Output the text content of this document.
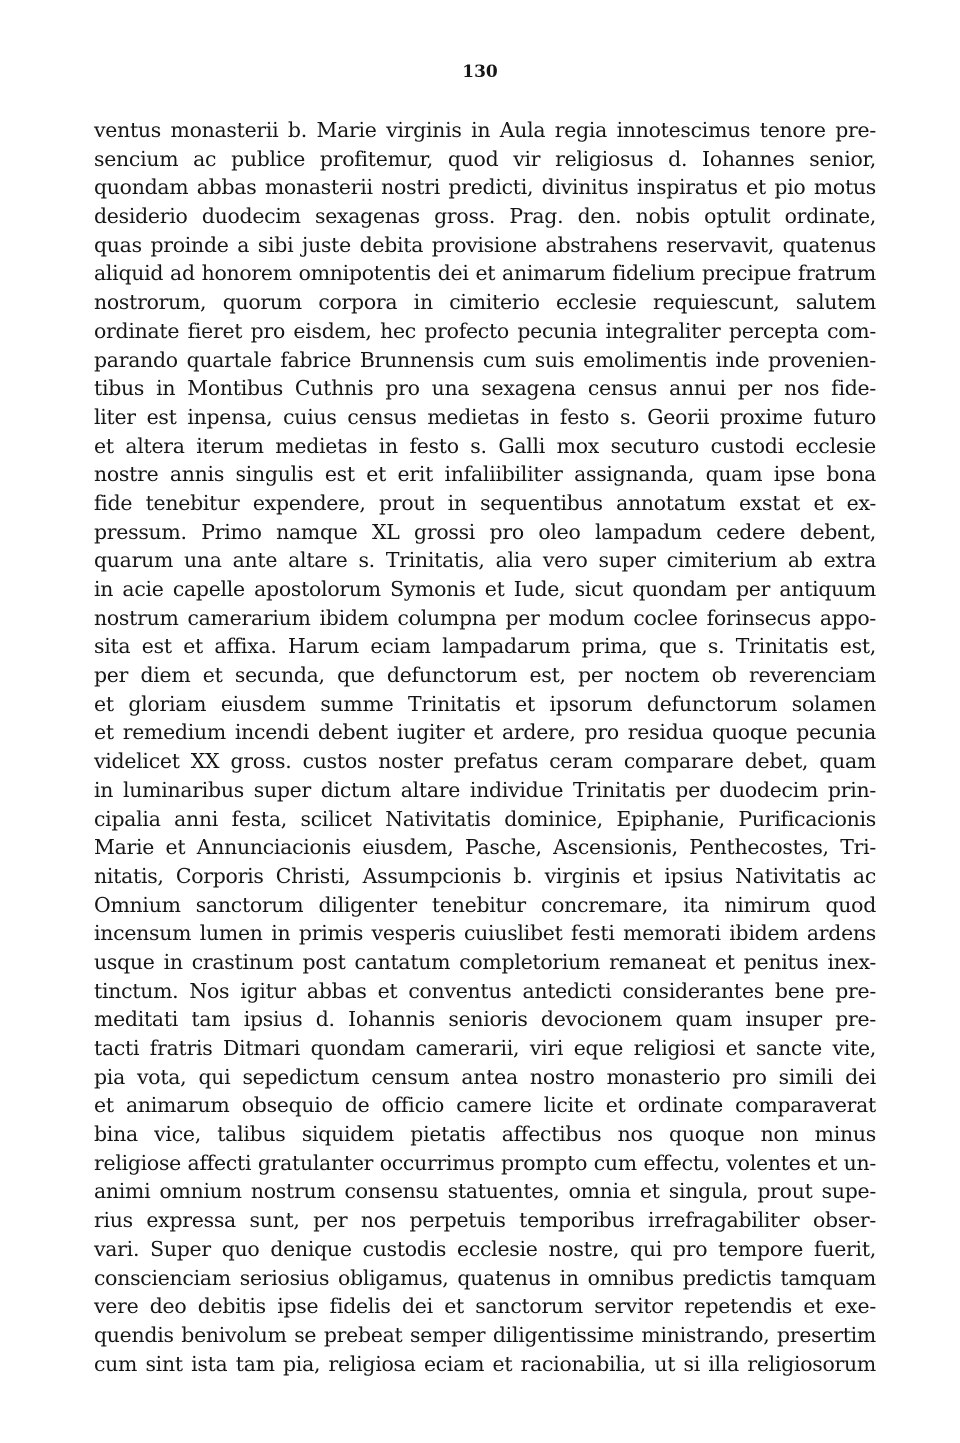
130
ventus monasterii b. Marie virginis in Aula regia innotescimus tenore pre-
sencium ac publice profitemur, quod vir religiosus d. Iohannes senior,
quondam abbas monasterii nostri predicti, divinitus inspiratus et pio motus
desiderio duodecim sexagenas gross. Prag. den. nobis optulit ordinate,
quas proinde a sibi juste debita provisione abstrahens reservavit, quatenus
aliquid ad honorem omnipotentis dei et animarum fidelium precipue fratrum
nostrorum, quorum corpora in cimiterio ecclesie requiescunt, salutem
ordinate fieret pro eisdem, hec profecto pecunia integraliter percepta com-
parando quartale fabrice Brunnensis cum suis emolimentis inde provenien-
tibus in Montibus Cuthnis pro una sexagena census annui per nos fide-
liter est inpensa, cuius census medietas in festo s. Georii proxime futuro
et altera iterum medietas in festo s. Galli mox secuturo custodi ecclesie
nostre annis singulis est et erit infaliibiliter assignanda, quam ipse bona
fide tenebitur expendere, prout in sequentibus annotatum exstat et ex-
pressum. Primo namque XL grossi pro oleo lampadum cedere debent,
quarum una ante altare s. Trinitatis, alia vero super cimiterium ab extra
in acie capelle apostolorum Symonis et Iude, sicut quondam per antiquum
nostrum camerarium ibidem columpna per modum coclee forinsecus appo-
sita est et affixa. Harum eciam lampadarum prima, que s. Trinitatis est,
per diem et secunda, que defunctorum est, per noctem ob reverenciam
et gloriam eiusdem summe Trinitatis et ipsorum defunctorum solamen
et remedium incendi debent iugiter et ardere, pro residua quoque pecunia
videlicet XX gross. custos noster prefatus ceram comparare debet, quam
in luminaribus super dictum altare individue Trinitatis per duodecim prin-
cipalia anni festa, scilicet Nativitatis dominice, Epiphanie, Purificacionis
Marie et Annunciacionis eiusdem, Pasche, Ascensionis, Penthecostes, Tri-
nitatis, Corporis Christi, Assumpcionis b. virginis et ipsius Nativitatis ac
Omnium sanctorum diligenter tenebitur concremare, ita nimirum quod
incensum lumen in primis vesperis cuiuslibet festi memorati ibidem ardens
usque in crastinum post cantatum completorium remaneat et penitus inex-
tinctum. Nos igitur abbas et conventus antedicti considerantes bene pre-
meditati tam ipsius d. Iohannis senioris devocionem quam insuper pre-
tacti fratris Ditmari quondam camerarii, viri eque religiosi et sancte vite,
pia vota, qui sepedictum censum antea nostro monasterio pro simili dei
et animarum obsequio de officio camere licite et ordinate comparaverat
bina vice, talibus siquidem pietatis affectibus nos quoque non minus
religiose affecti gratulanter occurrimus prompto cum effectu, volentes et un-
animi omnium nostrum consensu statuentes, omnia et singula, prout supe-
rius expressa sunt, per nos perpetuis temporibus irrefragabiliter obser-
vari. Super quo denique custodis ecclesie nostre, qui pro tempore fuerit,
conscienciam seriosius obligamus, quatenus in omnibus predictis tamquam
vere deo debitis ipse fidelis dei et sanctorum servitor repetendis et exe-
quendis benivolum se prebeat semper diligentissime ministrando, presertim
cum sint ista tam pia, religiosa eciam et racionabilia, ut si illa religiosorum
